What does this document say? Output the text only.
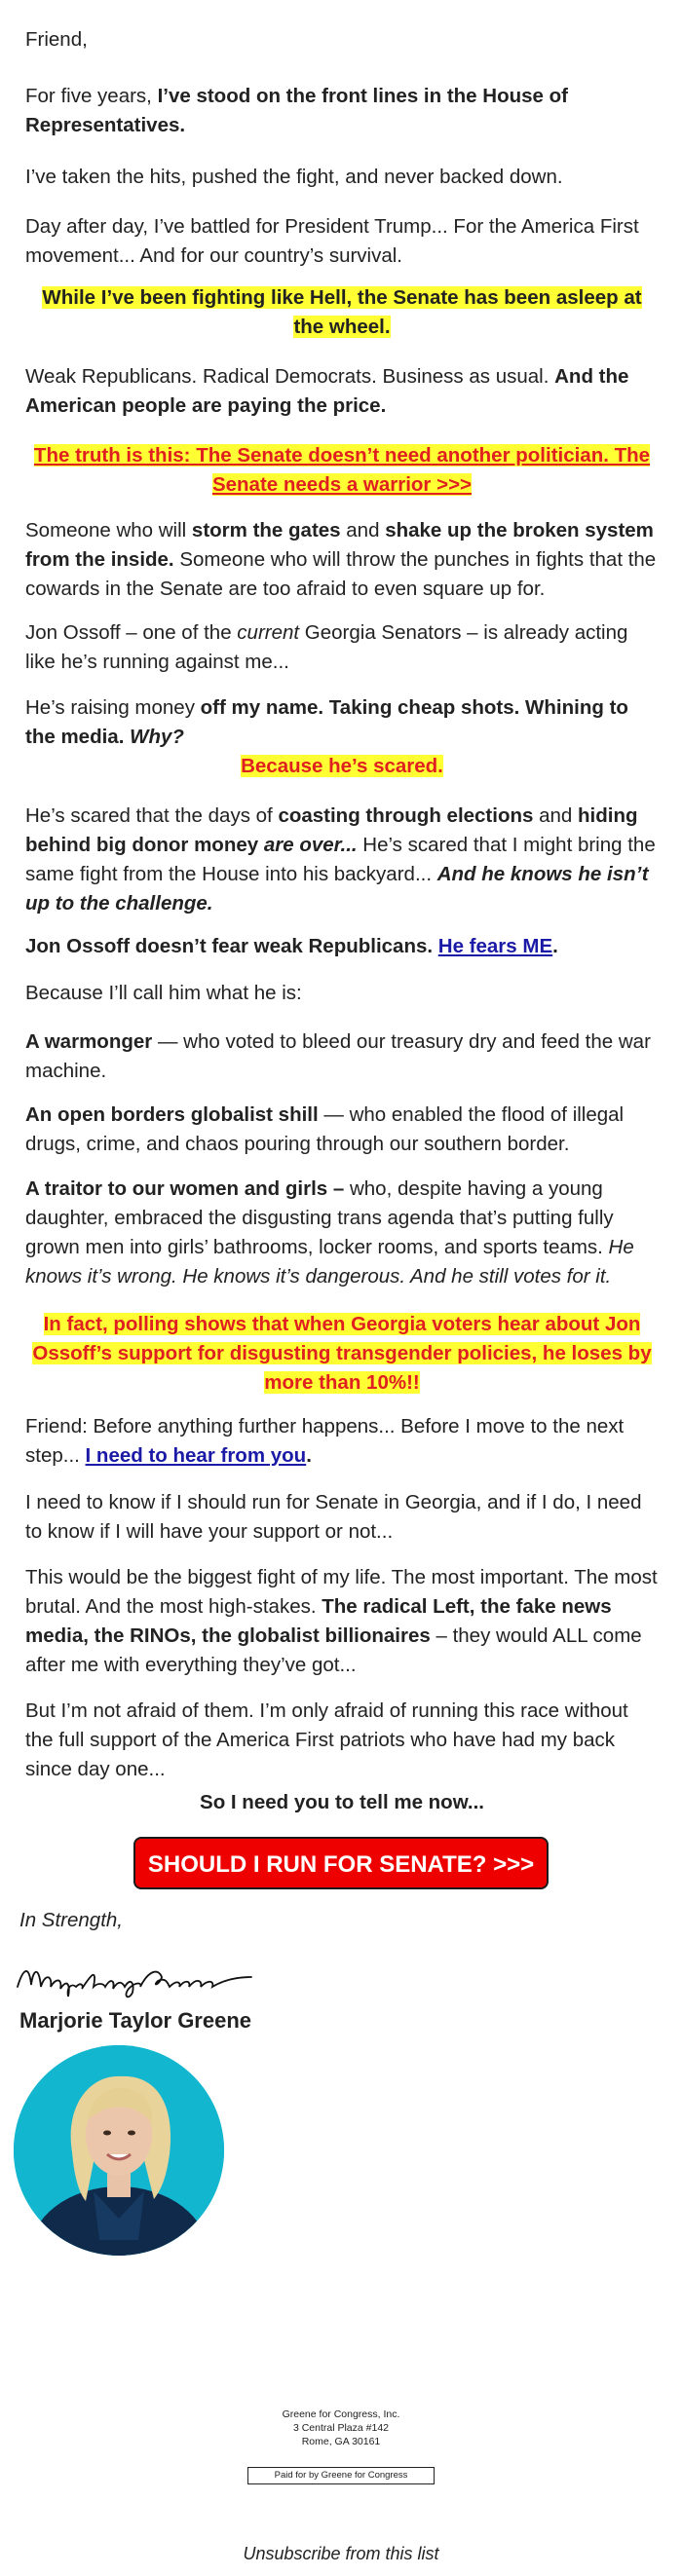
Friend,

For five years, I’ve stood on the front lines in the House of Representatives.

I’ve taken the hits, pushed the fight, and never backed down.

Day after day, I’ve battled for President Trump... For the America First movement... And for our country’s survival.

While I’ve been fighting like Hell, the Senate has been asleep at the wheel.

Weak Republicans. Radical Democrats. Business as usual. And the American people are paying the price.

The truth is this: The Senate doesn’t need another politician. The Senate needs a warrior >>>

Someone who will storm the gates and shake up the broken system from the inside. Someone who will throw the punches in fights that the cowards in the Senate are too afraid to even square up for.

Jon Ossoff – one of the current Georgia Senators – is already acting like he’s running against me...

He’s raising money off my name. Taking cheap shots. Whining to the media. Why?

Because he’s scared.

He’s scared that the days of coasting through elections and hiding behind big donor money are over... He’s scared that I might bring the same fight from the House into his backyard... And he knows he isn’t up to the challenge.

Jon Ossoff doesn’t fear weak Republicans. He fears ME.

Because I’ll call him what he is:

A warmonger — who voted to bleed our treasury dry and feed the war machine.

An open borders globalist shill — who enabled the flood of illegal drugs, crime, and chaos pouring through our southern border.

A traitor to our women and girls – who, despite having a young daughter, embraced the disgusting trans agenda that’s putting fully grown men into girls’ bathrooms, locker rooms, and sports teams. He knows it’s wrong. He knows it’s dangerous. And he still votes for it.

In fact, polling shows that when Georgia voters hear about Jon Ossoff’s support for disgusting transgender policies, he loses by more than 10%!!

Friend: Before anything further happens... Before I move to the next step... I need to hear from you.

I need to know if I should run for Senate in Georgia, and if I do, I need to know if I will have your support or not...

This would be the biggest fight of my life. The most important. The most brutal. And the most high-stakes. The radical Left, the fake news media, the RINOs, the globalist billionaires – they would ALL come after me with everything they’ve got...

But I’m not afraid of them. I’m only afraid of running this race without the full support of the America First patriots who have had my back since day one...

So I need you to tell me now...

SHOULD I RUN FOR SENATE? >>>
In Strength,
Marjorie Taylor Greene
Greene for Congress, Inc.
3 Central Plaza #142
Rome, GA 30161
Paid for by Greene for Congress
Unsubscribe from this list
